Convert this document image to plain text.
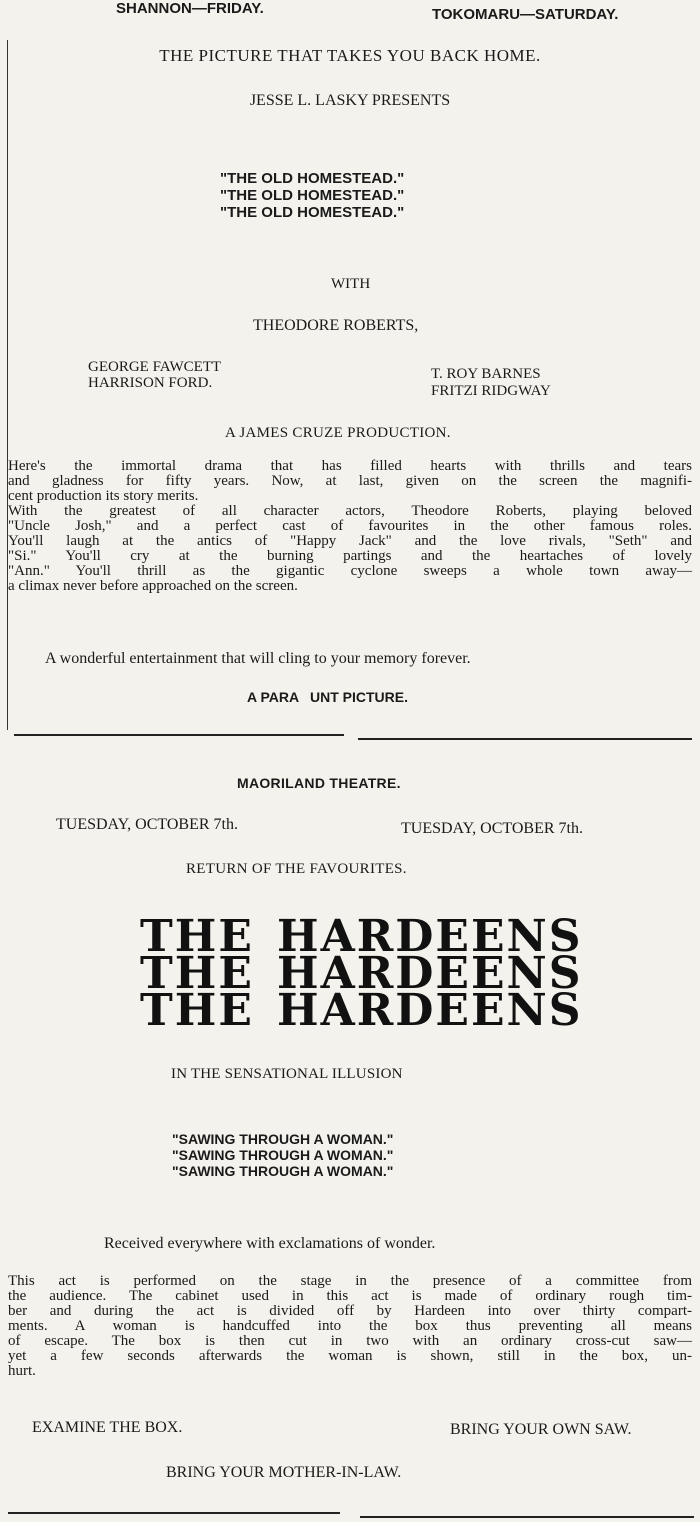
SHANNON—FRIDAY.	TOKOMARU—SATURDAY.
THE PICTURE THAT TAKES YOU BACK HOME.
JESSE L. LASKY PRESENTS
"THE OLD HOMESTEAD."
"THE OLD HOMESTEAD."
"THE OLD HOMESTEAD."
WITH
THEODORE ROBERTS,
GEORGE FAWCETT
HARRISON FORD.
T. ROY BARNES
FRITZI RIDGWAY
A JAMES CRUZE PRODUCTION.
Here's the immortal drama that has filled hearts with thrills and tears
and gladness for fifty years. Now, at last, given on the screen the magnifi-
cent production its story merits.
With the greatest of all character actors, Theodore Roberts, playing beloved
"Uncle Josh," and a perfect cast of favourites in the other famous roles.
You'll laugh at the antics of "Happy Jack" and the love rivals, "Seth" and
"Si." You'll cry at the burning partings and the heartaches of lovely
"Ann." You'll thrill as the gigantic cyclone sweeps a whole town away—
a climax never before approached on the screen.
A wonderful entertainment that will cling to your memory forever.
A PARA  UNT PICTURE.
MAORILAND THEATRE.
TUESDAY, OCTOBER 7th.	TUESDAY, OCTOBER 7th.
RETURN OF THE FAVOURITES.
THE HARDEENS
THE HARDEENS
THE HARDEENS
IN THE SENSATIONAL ILLUSION
"SAWING THROUGH A WOMAN."
"SAWING THROUGH A WOMAN."
"SAWING THROUGH A WOMAN."
Received everywhere with exclamations of wonder.
This act is performed on the stage in the presence of a committee from
the audience. The cabinet used in this act is made of ordinary rough tim-
ber and during the act is divided off by Hardeen into over thirty compart-
ments. A woman is handcuffed into the box thus preventing all means
of escape. The box is then cut in two with an ordinary cross-cut saw—
yet a few seconds afterwards the woman is shown, still in the box, un-
hurt.
EXAMINE THE BOX.	BRING YOUR OWN SAW.
BRING YOUR MOTHER-IN-LAW.
